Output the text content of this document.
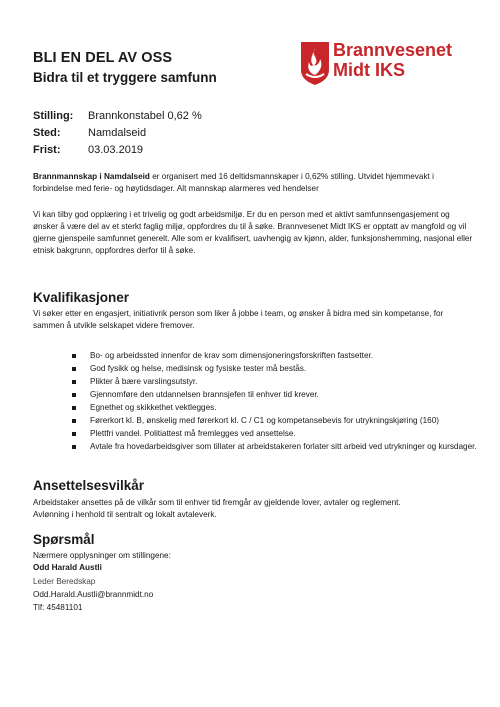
BLI EN DEL AV OSS
Bidra til et tryggere samfunn
Brannvesenet
Midt IKS
Stilling: Brannkonstabel 0,62 %
Sted:	Namdalseid
Frist:	03.03.2019

Brannmannskap i Namdalseid er organisert med 16 deltidsmannskaper i 0,62% stilling. Utvidet hjemmevakt i forbindelse med ferie- og høytidsdager. Alt mannskap alarmeres ved hendelser

Vi kan tilby god opplæring i et trivelig og godt arbeidsmiljø. Er du en person med et aktivt samfunnsengasjement og ønsker å være del av et sterkt faglig miljø, oppfordres du til å søke. Brannvesenet Midt IKS er opptatt av mangfold og vil gjerne gjenspeile samfunnet generelt. Alle som er kvalifisert, uavhengig av kjønn, alder, funksjonshemming, nasjonal eller etnisk bakgrunn, oppfordres derfor til å søke.

Kvalifikasjoner
Vi søker etter en engasjert, initiativrik person som liker å jobbe i team, og ønsker å bidra med sin kompetanse, for sammen å utvikle selskapet videre fremover.
Bo- og arbeidssted innenfor de krav som dimensjoneringsforskriften fastsetter.
God fysikk og helse, medisinsk og fysiske tester må bestås.
Plikter å bære varslingsutstyr.
Gjennomføre den utdannelsen brannsjefen til enhver tid krever.
Egnethet og skikkethet vektlegges.
Førerkort kl. B, ønskelig med førerkort kl. C / C1 og kompetansebevis for utrykningskjøring (160)
Plettfri vandel. Politiattest må fremlegges ved ansettelse.
Avtale fra hovedarbeidsgiver som tillater at arbeidstakeren forlater sitt arbeid ved utrykninger og kursdager.
Ansettelsesvilkår
Arbeidstaker ansettes på de vilkår som til enhver tid fremgår av gjeldende lover, avtaler og reglement.
Avlønning i henhold til sentralt og lokalt avtaleverk.
Spørsmål
Nærmere opplysninger om stillingene:
Odd Harald Austli
Leder Beredskap
Odd.Harald.Austli@brannmidt.no
Tlf: 45481101
